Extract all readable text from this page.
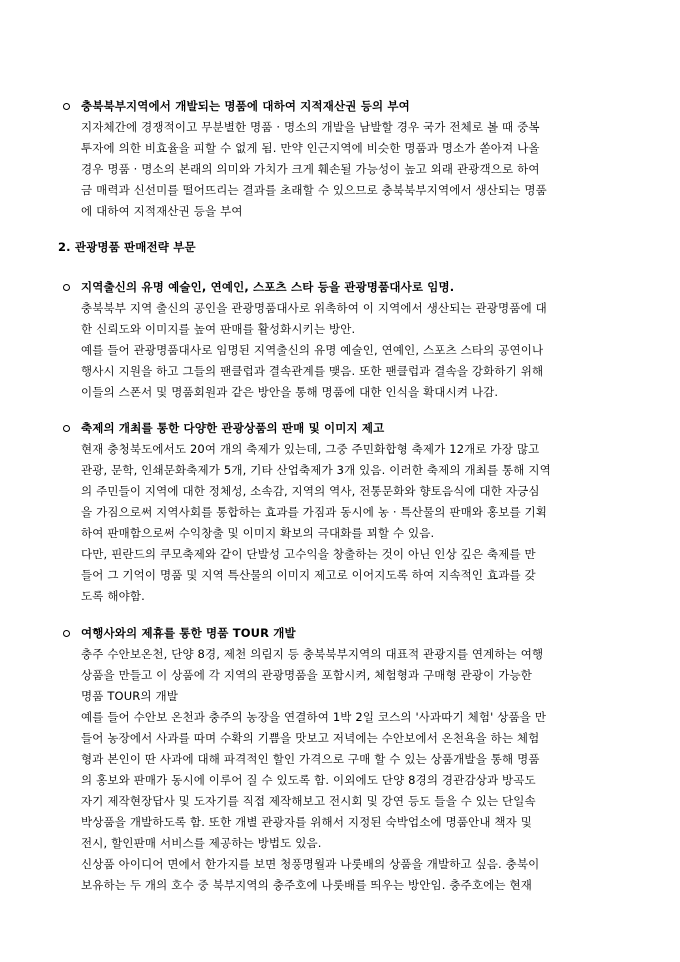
충북북부지역에서 개발되는 명품에 대하여 지적재산권 등의 부여
지자체간에 경쟁적이고 무분별한 명품 · 명소의 개발을 남발할 경우 국가 전체로 볼 때 중복
투자에 의한 비효율을 피할 수 없게 됨. 만약 인근지역에 비슷한 명품과 명소가 쏟아져 나올
경우 명품 · 명소의 본래의 의미와 가치가 크게 훼손될 가능성이 높고 외래 관광객으로 하여
금 매력과 신선미를 떨어뜨리는 결과를 초래할 수 있으므로 충북북부지역에서 생산되는 명품
에 대하여 지적재산권 등을 부여
2. 관광명품 판매전략 부문
지역출신의 유명 예술인, 연예인, 스포츠 스타 등을 관광명품대사로 임명.
충북북부 지역 출신의 공인을 관광명품대사로 위촉하여 이 지역에서 생산되는 관광명품에 대
한 신뢰도와 이미지를 높여 판매를 활성화시키는 방안.
예를 들어 관광명품대사로 임명된 지역출신의 유명 예술인, 연예인, 스포츠 스타의 공연이나
행사시 지원을 하고 그들의 팬클럽과 결속관계를 맺음. 또한 팬클럽과 결속을 강화하기 위해
이들의 스폰서 및 명품회원과 같은 방안을 통해 명품에 대한 인식을 확대시켜 나감.
축제의 개최를 통한 다양한 관광상품의 판매 및 이미지 제고
현재 충청북도에서도 20여 개의 축제가 있는데, 그중 주민화합형 축제가 12개로 가장 많고
관광, 문학, 인쇄문화축제가 5개, 기타 산업축제가 3개 있음. 이러한 축제의 개최를 통해 지역
의 주민들이 지역에 대한 정체성, 소속감, 지역의 역사, 전통문화와 향토음식에 대한 자긍심
을 가짐으로써 지역사회를 통합하는 효과를 가짐과 동시에 농 · 특산물의 판매와 홍보를 기획
하여 판매함으로써 수익창출 및 이미지 확보의 극대화를 꾀할 수 있음.
다만, 핀란드의 쿠모축제와 같이 단발성 고수익을 창출하는 것이 아닌 인상 깊은 축제를 만
들어 그 기억이 명품 및 지역 특산물의 이미지 제고로 이어지도록 하여 지속적인 효과를 갖
도록 해야함.
여행사와의 제휴를 통한 명품 TOUR 개발
충주 수안보온천, 단양 8경, 제천 의림지 등 충북북부지역의 대표적 관광지를 연계하는 여행
상품을 만들고 이 상품에 각 지역의 관광명품을 포함시켜, 체험형과 구매형 관광이 가능한
명품 TOUR의 개발
예를 들어 수안보 온천과 충주의 농장을 연결하여 1박 2일 코스의 '사과따기 체험' 상품을 만
들어 농장에서 사과를 따며 수확의 기쁨을 맛보고 저녁에는 수안보에서 온천욕을 하는 체험
형과 본인이 딴 사과에 대해 파격적인 할인 가격으로 구매 할 수 있는 상품개발을 통해 명품
의 홍보와 판매가 동시에 이루어 질 수 있도록 함. 이외에도 단양 8경의 경관감상과 방곡도
자기 제작현장답사 및 도자기를 직접 제작해보고 전시회 및 강연 등도 들을 수 있는 단일속
박상품을 개발하도록 함. 또한 개별 관광자를 위해서 지정된 숙박업소에 명품안내 책자 및
전시, 할인판매 서비스를 제공하는 방법도 있음.
신상품 아이디어 면에서 한가지를 보면 청풍명월과 나룻배의 상품을 개발하고 싶음. 충북이
보유하는 두 개의 호수 중 북부지역의 충주호에 나룻배를 띄우는 방안임. 충주호에는 현재
